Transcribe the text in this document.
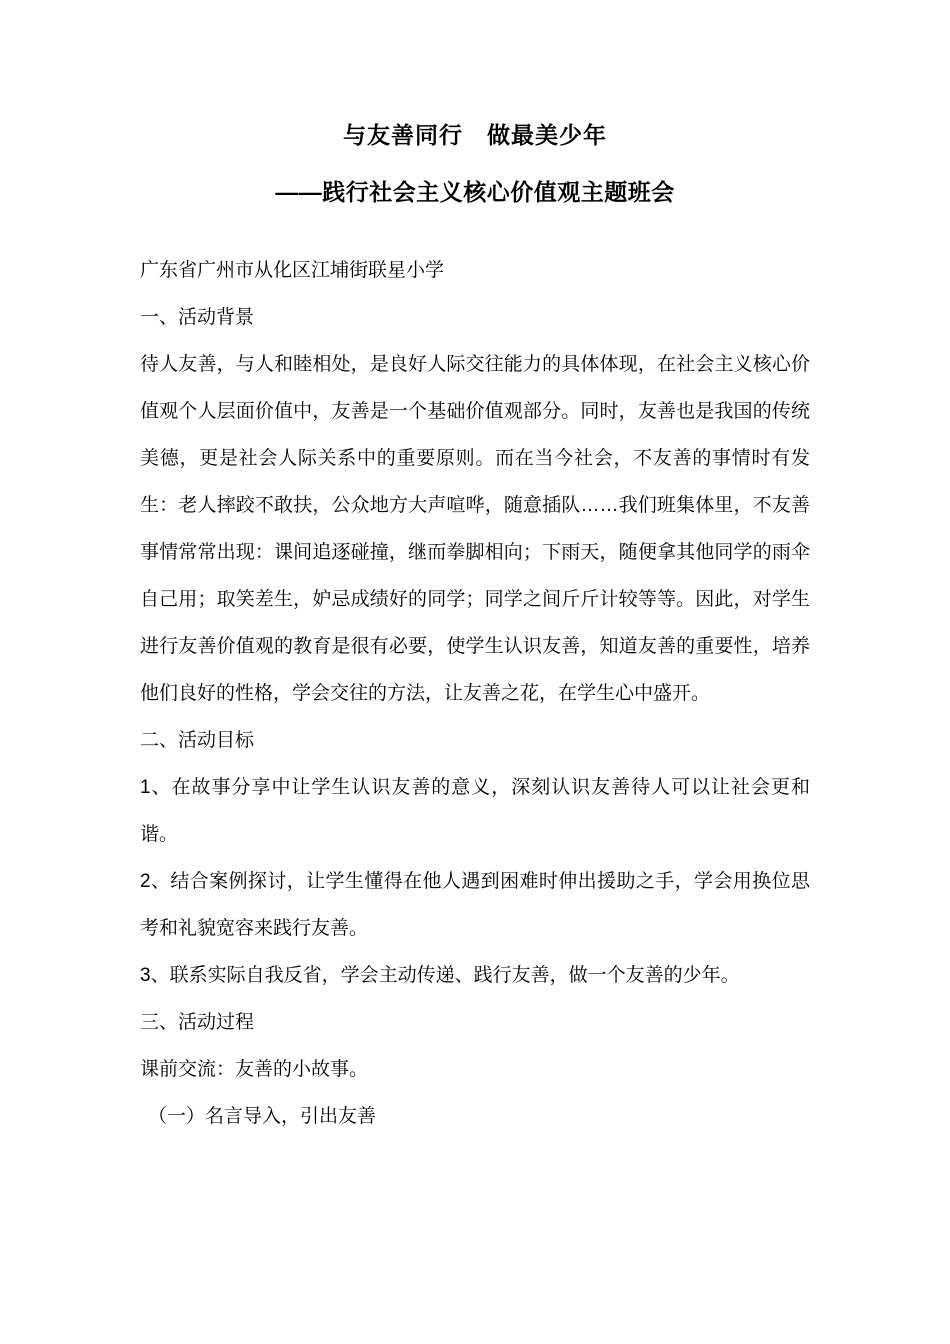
与友善同行　做最美少年
——践行社会主义核心价值观主题班会

广东省广州市从化区江埔街联星小学

一、活动背景

待人友善，与人和睦相处，是良好人际交往能力的具体体现，在社会主义核心价值观个人层面价值中，友善是一个基础价值观部分。同时，友善也是我国的传统美德，更是社会人际关系中的重要原则。而在当今社会，不友善的事情时有发生：老人摔跤不敢扶，公众地方大声喧哗，随意插队……我们班集体里，不友善事情常常出现：课间追逐碰撞，继而拳脚相向；下雨天，随便拿其他同学的雨伞自己用；取笑差生，妒忌成绩好的同学；同学之间斤斤计较等等。因此，对学生进行友善价值观的教育是很有必要，使学生认识友善，知道友善的重要性，培养他们良好的性格，学会交往的方法，让友善之花，在学生心中盛开。

二、活动目标

1、在故事分享中让学生认识友善的意义，深刻认识友善待人可以让社会更和谐。

2、结合案例探讨，让学生懂得在他人遇到困难时伸出援助之手，学会用换位思考和礼貌宽容来践行友善。

3、联系实际自我反省，学会主动传递、践行友善，做一个友善的少年。

三、活动过程

课前交流：友善的小故事。

（一）名言导入，引出友善
